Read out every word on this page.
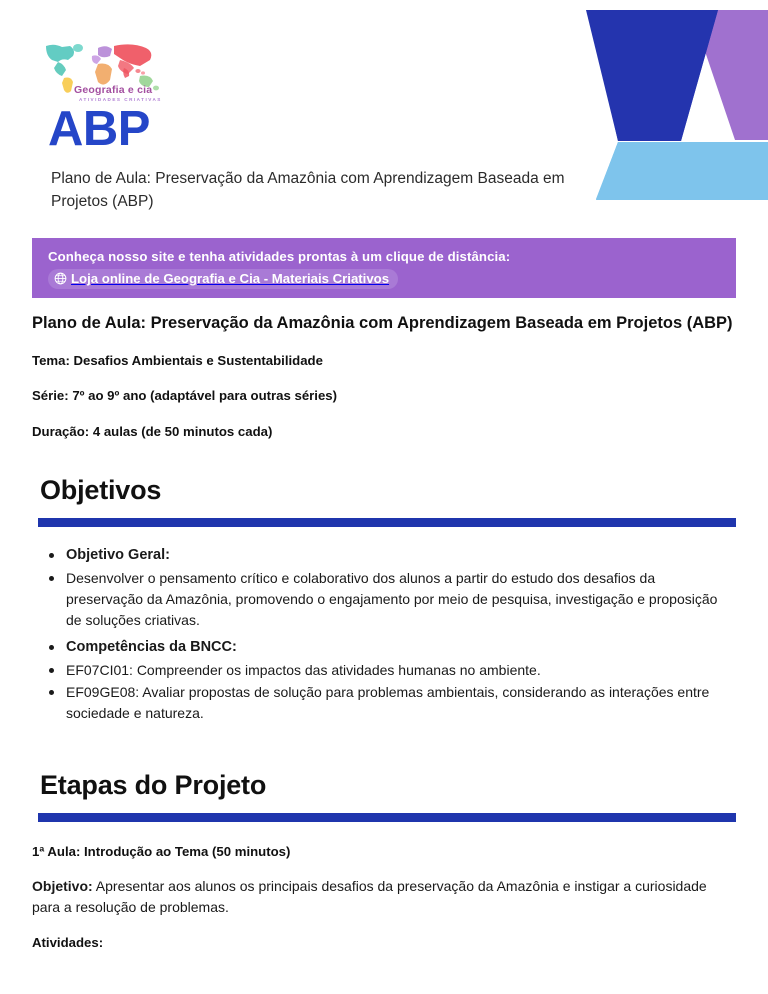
Geografia e cia
ATIVIDADES CRIATIVAS
ABP

Plano de Aula: Preservação da Amazônia com Aprendizagem Baseada em Projetos (ABP)

Conheça nosso site e tenha atividades prontas à um clique de distância:
Loja online de Geografia e Cia - Materiais Criativos
Plano de Aula: Preservação da Amazônia com Aprendizagem Baseada em Projetos (ABP)

Tema: Desafios Ambientais e Sustentabilidade

Série: 7º ao 9º ano (adaptável para outras séries)

Duração: 4 aulas (de 50 minutos cada)

Objetivos
Objetivo Geral:
Desenvolver o pensamento crítico e colaborativo dos alunos a partir do estudo dos desafios da preservação da Amazônia, promovendo o engajamento por meio de pesquisa, investigação e proposição de soluções criativas.
Competências da BNCC:
EF07CI01: Compreender os impactos das atividades humanas no ambiente.
EF09GE08: Avaliar propostas de solução para problemas ambientais, considerando as interações entre sociedade e natureza.
Etapas do Projeto

1ª Aula: Introdução ao Tema (50 minutos)

Objetivo: Apresentar aos alunos os principais desafios da preservação da Amazônia e instigar a curiosidade para a resolução de problemas.

Atividades:
